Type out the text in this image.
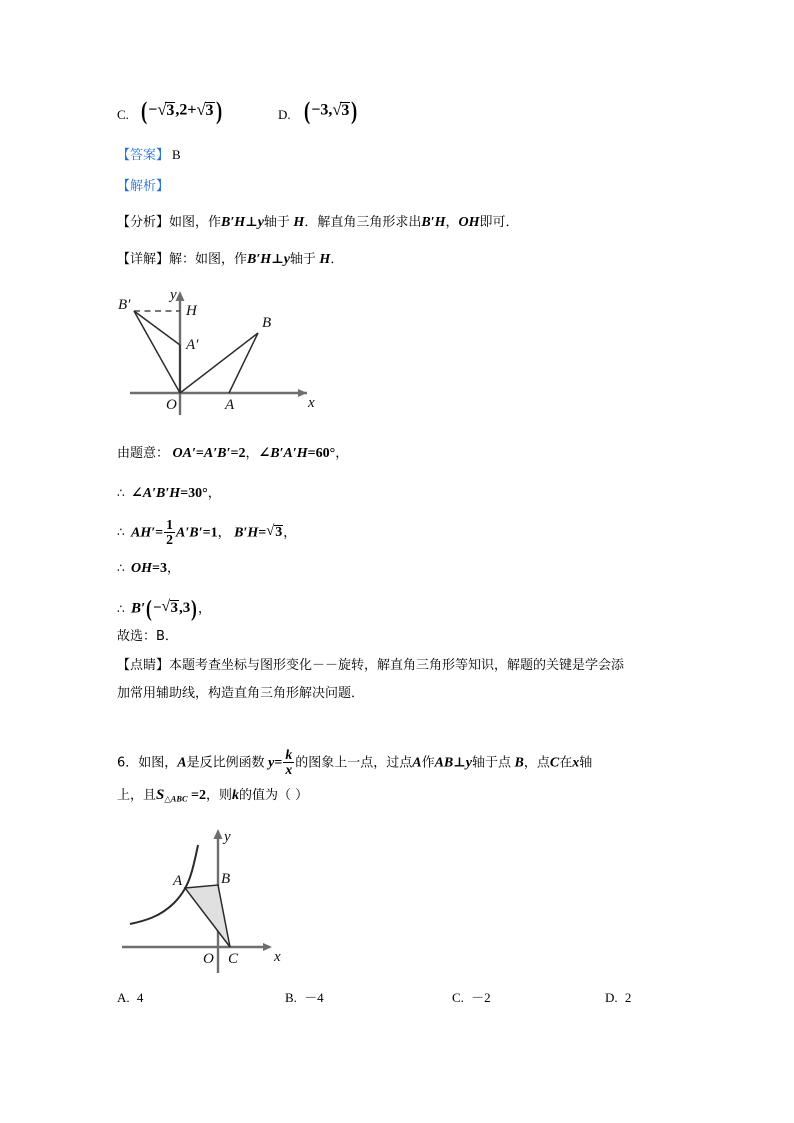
C. (− √ 3,2+ √ 3)	D. (−3, √ 3)
【答案】 B
【解析】
【分析】如图，作B′H⊥y轴于 H．解直角三角形求出B′H，OH即可．
【详解】解：如图，作B′H⊥y轴于 H．
B′	H
A′
B
A
O
y
x
由题意： OA′=A′B′=2，∠B′A′H=60°，
∴ ∠A′B′H=30°，
∴ $AH'= \frac{1}{2} A'B'=1$， B′H= √ 3，
∴ OH=3，
∴ B′(− √ 3,3)，
故选：B．
【点睛】本题考查坐标与图形变化－－旋转，解直角三角形等知识，解题的关键是学会添
加常用辅助线，构造直角三角形解决问题．
6．如图，A是反比例函数 $y= \frac{k}{x}$ 的图象上一点，过点A作AB⊥y轴于点 B，点C在x轴
上，且$S_{\triangle ABC} =2$，则k的值为（ ）
A	B
C
O
y
x
A. 4	B. －4	C. －2	D. 2
